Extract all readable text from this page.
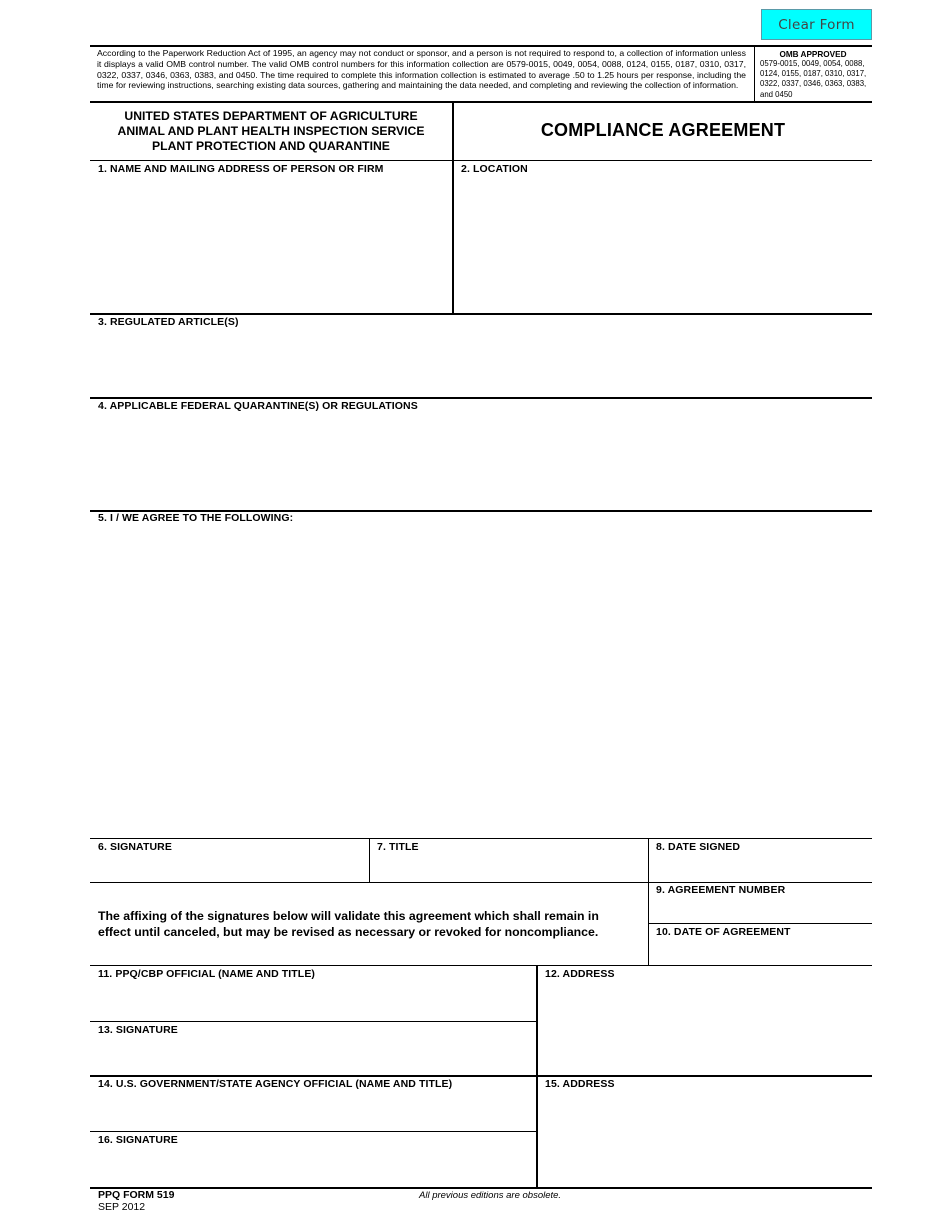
Clear Form
According to the Paperwork Reduction Act of 1995, an agency may not conduct or sponsor, and a person is not required to respond to, a collection of information unless it displays a valid OMB control number. The valid OMB control numbers for this information collection are 0579-0015, 0049, 0054, 0088, 0124, 0155, 0187, 0310, 0317, 0322, 0337, 0346, 0363, 0383, and 0450. The time required to complete this information collection is estimated to average .50 to 1.25 hours per response, including the time for reviewing instructions, searching existing data sources, gathering and maintaining the data needed, and completing and reviewing the collection of information.
OMB APPROVED
0579-0015, 0049, 0054, 0088, 0124, 0155, 0187, 0310, 0317, 0322, 0337, 0346, 0363, 0383, and 0450
UNITED STATES DEPARTMENT OF AGRICULTURE
ANIMAL AND PLANT HEALTH INSPECTION SERVICE
PLANT PROTECTION AND QUARANTINE
COMPLIANCE AGREEMENT
1. NAME AND MAILING ADDRESS OF PERSON OR FIRM	2. LOCATION
3. REGULATED ARTICLE(S)
4. APPLICABLE FEDERAL QUARANTINE(S) OR REGULATIONS
5. I / WE AGREE TO THE FOLLOWING:
6. SIGNATURE	7. TITLE	8. DATE SIGNED
The affixing of the signatures below will validate this agreement which shall remain in effect until canceled, but may be revised as necessary or revoked for noncompliance.
9. AGREEMENT NUMBER
10. DATE OF AGREEMENT
11. PPQ/CBP OFFICIAL (NAME AND TITLE)
13. SIGNATURE
12. ADDRESS
14. U.S. GOVERNMENT/STATE AGENCY OFFICIAL (NAME AND TITLE)
16. SIGNATURE
15. ADDRESS
PPQ FORM 519
SEP 2012
All previous editions are obsolete.
